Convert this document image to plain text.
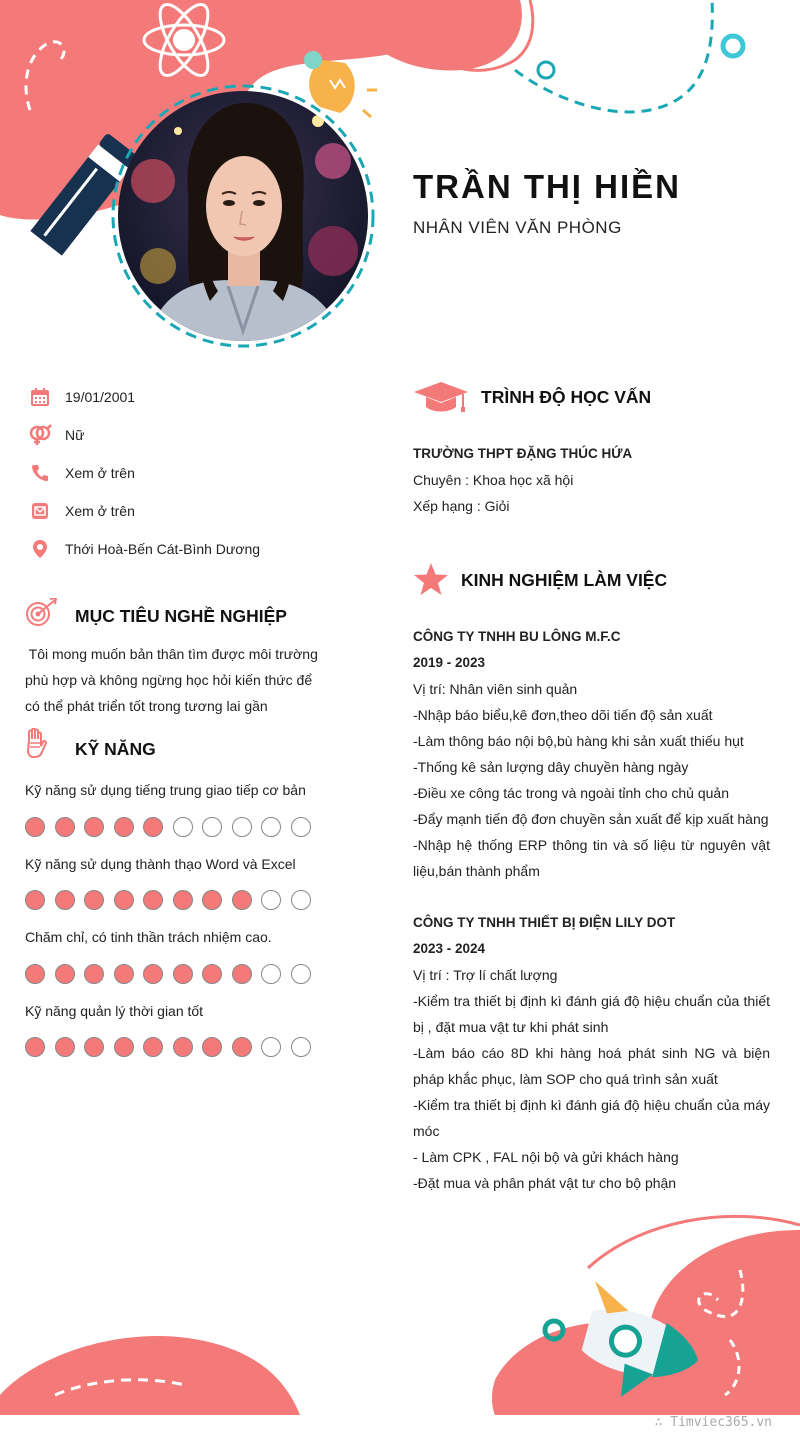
TRẦN THỊ HIỀN
NHÂN VIÊN VĂN PHÒNG
19/01/2001
Nữ
Xem ở trên
Xem ở trên
Thới Hoà-Bến Cát-Bình Dương
MỤC TIÊU NGHỀ NGHIỆP
Tôi mong muốn bản thân tìm được môi trường
phù hợp và không ngừng học hỏi kiến thức để
có thể phát triển tốt trong tương lai gần
KỸ NĂNG
Kỹ năng sử dụng tiếng trung giao tiếp cơ bản
Kỹ năng sử dụng thành thạo Word và Excel
Chăm chỉ, có tinh thần trách nhiệm cao.
Kỹ năng quản lý thời gian tốt
TRÌNH ĐỘ HỌC VẤN
TRƯỜNG THPT ĐẶNG THÚC HỨA
Chuyên : Khoa học xã hội
Xếp hạng : Giỏi
KINH NGHIỆM LÀM VIỆC
CÔNG TY TNHH BU LÔNG M.F.C
2019 - 2023

Vị trí: Nhân viên sinh quản

-Nhập báo biểu,kê đơn,theo dõi tiến độ sản xuất

-Làm thông báo nội bộ,bù hàng khi sản xuất thiếu hụt

-Thống kê sản lượng dây chuyền hàng ngày

-Điều xe công tác trong và ngoài tỉnh cho chủ quản

-Đẩy mạnh tiến độ đơn chuyền sản xuất để kịp xuất hàng

-Nhập hệ thống ERP thông tin và số liệu từ nguyên vật liệu,bán thành phẩm

CÔNG TY TNHH THIẾT BỊ ĐIỆN LILY DOT
2023 - 2024

Vị trí : Trợ lí chất lượng

-Kiểm tra thiết bị định kì đánh giá độ hiệu chuẩn của thiết bị , đặt mua vật tư khi phát sinh

-Làm báo cáo 8D khi hàng hoá phát sinh NG và biện pháp khắc phục, làm SOP cho quá trình sản xuất

-Kiểm tra thiết bị định kì đánh giá độ hiệu chuẩn của máy móc

- Làm CPK , FAL nội bộ và gửi khách hàng

-Đặt mua và phân phát vật tư cho bộ phận

∴ Timviec365.vn
